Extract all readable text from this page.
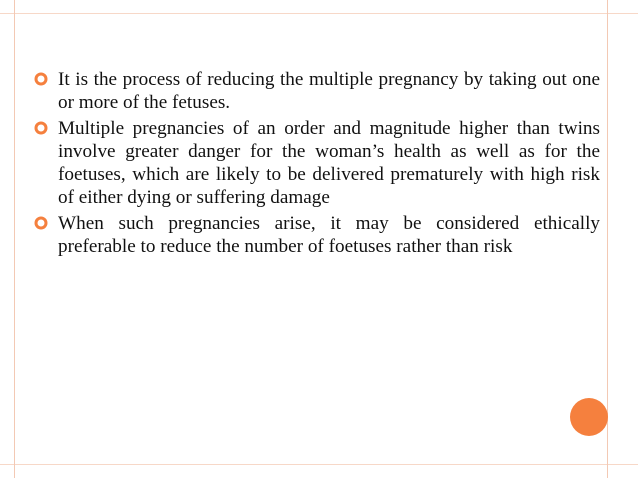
It is the process of reducing the multiple pregnancy by taking out one or more of the fetuses.
Multiple pregnancies of an order and magnitude higher than twins involve greater danger for the woman’s health as well as for the foetuses, which are likely to be delivered prematurely with high risk of either dying or suffering damage
When such pregnancies arise, it may be considered ethically preferable to reduce the number of foetuses rather than risk
